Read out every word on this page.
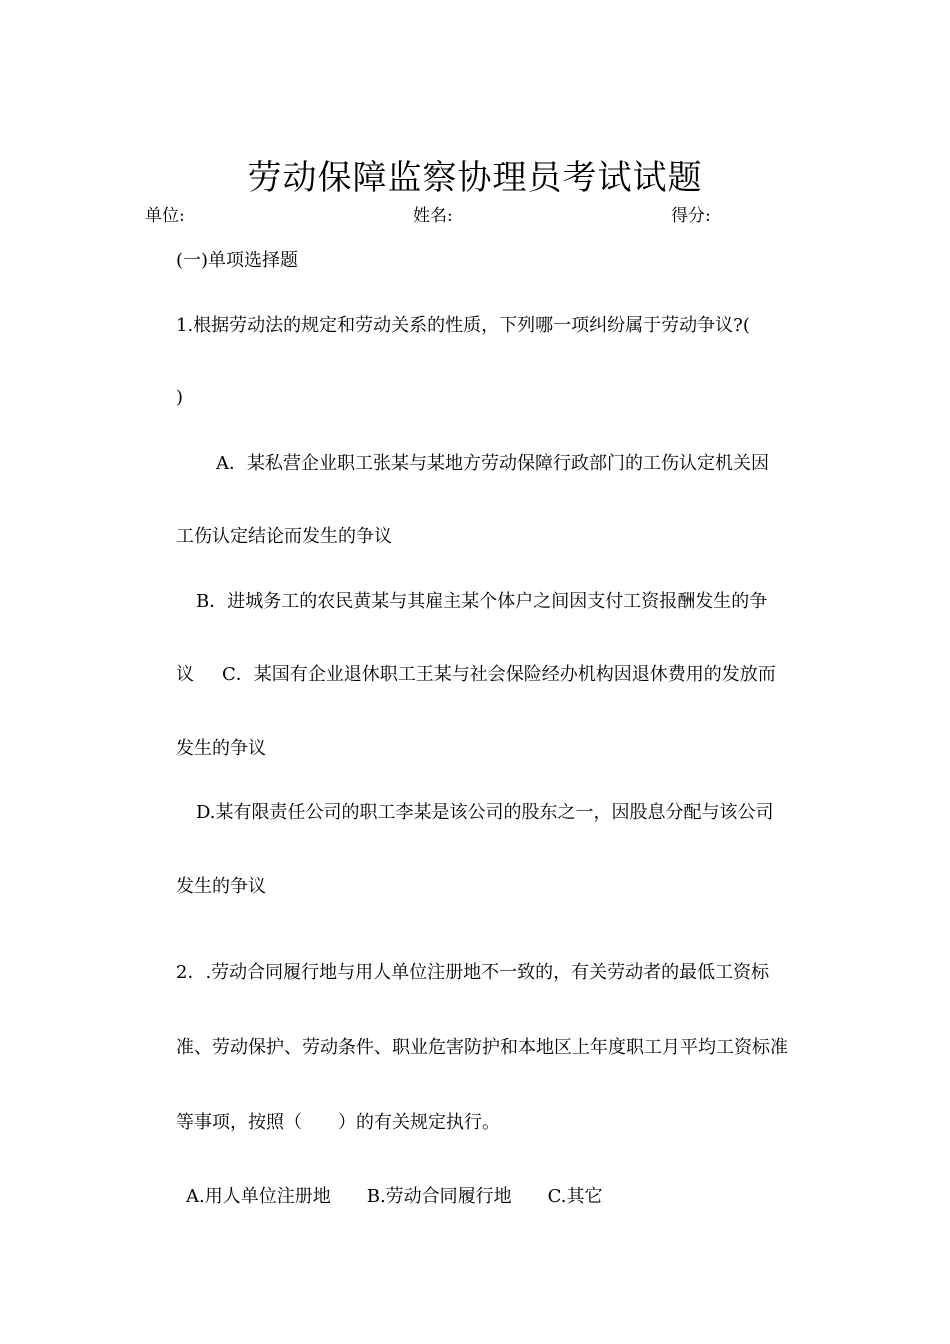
劳动保障监察协理员考试试题
单位:	姓名:	得分:
(一)单项选择题
1.根据劳动法的规定和劳动关系的性质，下列哪一项纠纷属于劳动争议?(
)
A．某私营企业职工张某与某地方劳动保障行政部门的工伤认定机关因
工伤认定结论而发生的争议
B．进城务工的农民黄某与其雇主某个体户之间因支付工资报酬发生的争
议 C．某国有企业退休职工王某与社会保险经办机构因退休费用的发放而
发生的争议
D.某有限责任公司的职工李某是该公司的股东之一，因股息分配与该公司
发生的争议
2．.劳动合同履行地与用人单位注册地不一致的，有关劳动者的最低工资标
准、劳动保护、劳动条件、职业危害防护和本地区上年度职工月平均工资标准
等事项，按照（　　）的有关规定执行。
A.用人单位注册地　　B.劳动合同履行地　　C.其它
